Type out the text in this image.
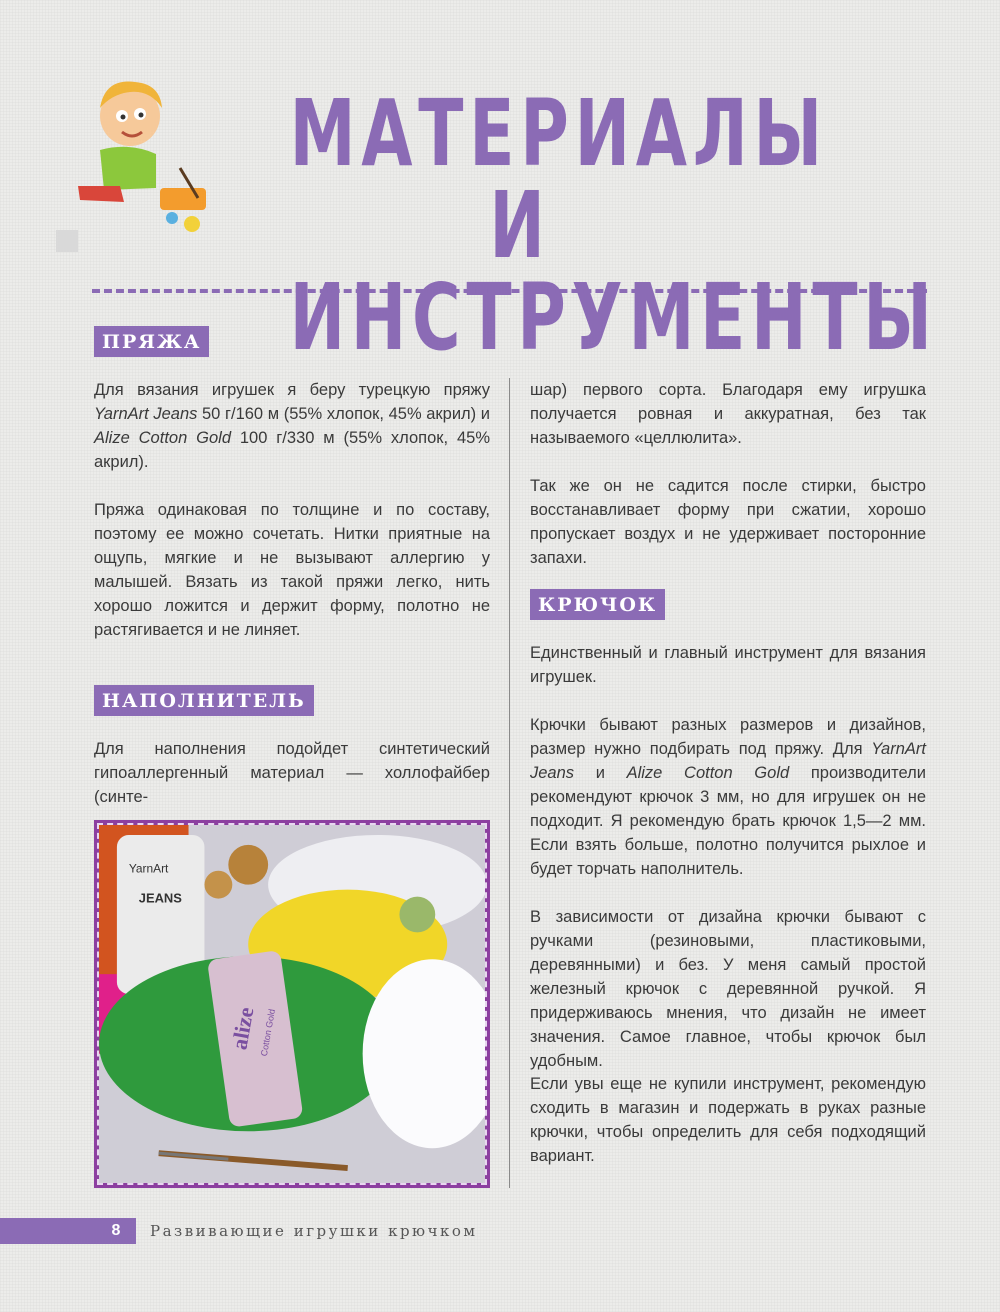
МАТЕРИАЛЫ
И ИНСТРУМЕНТЫ
ПРЯЖА
Для вязания игрушек я беру турецкую пряжу YarnArt Jeans 50 г/160 м (55% хлопок, 45% акрил) и Alize Cotton Gold 100 г/330 м (55% хлопок, 45% акрил).
Пряжа одинаковая по толщине и по составу, поэтому ее можно сочетать. Нитки приятные на ощупь, мягкие и не вызывают аллергию у малышей. Вязать из такой пряжи легко, нить хорошо ложится и держит форму, полотно не растягивается и не линяет.
НАПОЛНИТЕЛЬ
Для наполнения подойдет синтетический гипоаллергенный материал — холлофайбер (синте-
YarnArt
JEANS
alize Cotton Gold
шар) первого сорта. Благодаря ему игрушка получается ровная и аккуратная, без так называемого «целлюлита».
Так же он не садится после стирки, быстро восстанавливает форму при сжатии, хорошо пропускает воздух и не удерживает посторонние запахи.
КРЮЧОК
Единственный и главный инструмент для вязания игрушек.
Крючки бывают разных размеров и дизайнов, размер нужно подбирать под пряжу. Для YarnArt Jeans и Alize Cotton Gold производители рекомендуют крючок 3 мм, но для игрушек он не подходит. Я рекомендую брать крючок 1,5—2 мм. Если взять больше, полотно получится рыхлое и будет торчать наполнитель.
В зависимости от дизайна крючки бывают с ручками (резиновыми, пластиковыми, деревянными) и без. У меня самый простой железный крючок с деревянной ручкой. Я придерживаюсь мнения, что дизайн не имеет значения. Самое главное, чтобы крючок был удобным.
Если увы еще не купили инструмент, рекомендую сходить в магазин и подержать в руках разные крючки, чтобы определить для себя подходящий вариант.
8	Развивающие игрушки крючком
